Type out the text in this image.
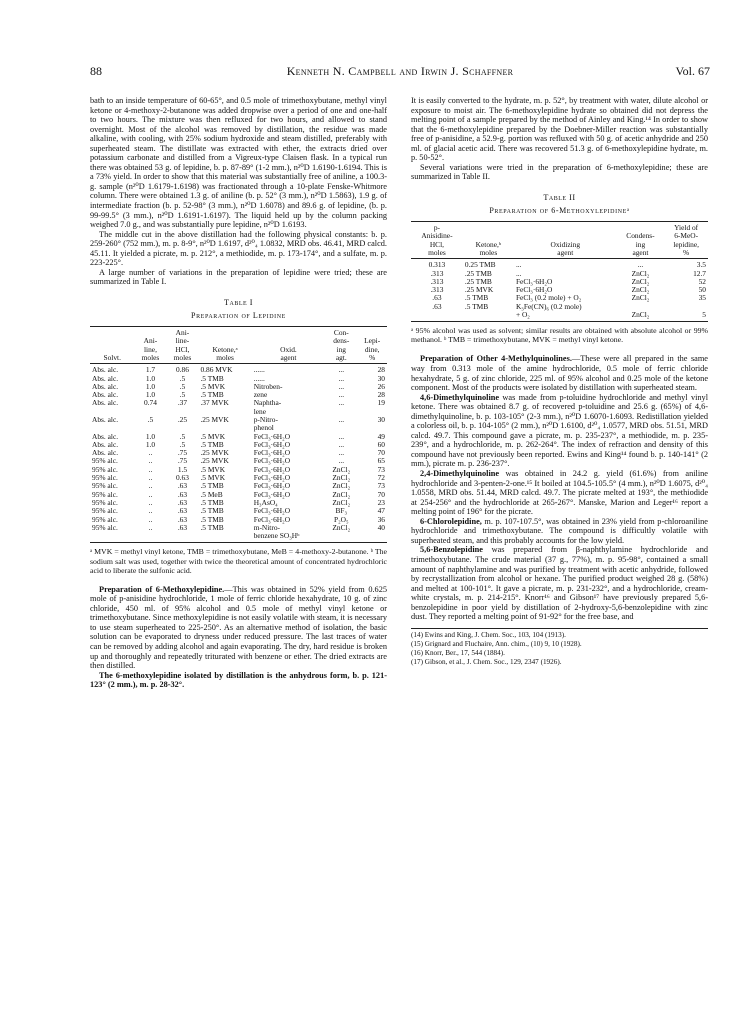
88	Kenneth N. Campbell and Irwin J. Schaffner	Vol. 67

bath to an inside temperature of 60-65°, and 0.5 mole of trimethoxybutane, methyl vinyl ketone or 4-methoxy-2-butanone was added dropwise over a period of one and one-half to two hours. The mixture was then refluxed for two hours, and allowed to stand overnight. Most of the alcohol was removed by distillation, the residue was made alkaline, with cooling, with 25% sodium hydroxide and steam distilled, preferably with superheated steam. The distillate was extracted with ether, the extracts dried over potassium carbonate and distilled from a Vigreux-type Claisen flask. In a typical run there was obtained 53 g. of lepidine, b. p. 87-89° (1-2 mm.), n²⁰D 1.6190-1.6194. This is a 73% yield. In order to show that this material was substantially free of aniline, a 100.3-g. sample (n²⁰D 1.6179-1.6198) was fractionated through a 10-plate Fenske-Whitmore column. There were obtained 1.3 g. of aniline (b. p. 52° (3 mm.), n²⁰D 1.5863), 1.9 g. of intermediate fraction (b. p. 52-98° (3 mm.), n²⁰D 1.6078) and 89.6 g. of lepidine, (b. p. 99-99.5° (3 mm.), n²⁰D 1.6191-1.6197). The liquid held up by the column packing weighed 7.0 g., and was substantially pure lepidine, n²⁰D 1.6193.

The middle cut in the above distillation had the following physical constants: b. p. 259-260° (752 mm.), m. p. 8-9°, n²⁰D 1.6197, d²⁰₄ 1.0832, MRD obs. 46.41, MRD calcd. 45.11. It yielded a picrate, m. p. 212°, a methiodide, m. p. 173-174°, and a sulfate, m. p. 223-225°.

A large number of variations in the preparation of lepidine were tried; these are summarized in Table I.

Table I
Preparation of Lepidine
Solvt.	Ani-
line,
moles	Ani-
line-
HCl,
moles	Ketone,ᵃ
moles	Oxid.
agent	Con-
dens-
ing
agt.	Lepi-
dine,
%
Abs. alc.	1.7	0.86	0.86 MVK	......	...	28
Abs. alc.	1.0	.5	.5 TMB	......	...	30
Abs. alc.	1.0	.5	.5 MVK	Nitroben-	...	26
Abs. alc.	1.0	.5	.5 TMB	zene	...	28
Abs. alc.	0.74	.37	.37 MVK	Naphtha-	...	19
				lene		
Abs. alc.	.5	.25	.25 MVK	p-Nitro-	...	30
				phenol		
Abs. alc.	1.0	.5	.5 MVK	FeCl₃·6H₂O	...	49
Abs. alc.	1.0	.5	.5 TMB	FeCl₃·6H₂O	...	60
Abs. alc.	..	.75	.25 MVK	FeCl₃·6H₂O	...	70
95% alc.	..	.75	.25 MVK	FeCl₃·6H₂O	...	65
95% alc.	..	1.5	.5 MVK	FeCl₃·6H₂O	ZnCl₂	73
95% alc.	..	0.63	.5 MVK	FeCl₃·6H₂O	ZnCl₂	72
95% alc.	..	.63	.5 TMB	FeCl₃·6H₂O	ZnCl₂	73
95% alc.	..	.63	.5 MeB	FeCl₃·6H₂O	ZnCl₂	70
95% alc.	..	.63	.5 TMB	H₃AsO₄	ZnCl₂	23
95% alc.	..	.63	.5 TMB	FeCl₃·6H₂O	BF₃	47
95% alc.	..	.63	.5 TMB	FeCl₃·6H₂O	P₂O₅	36
95% alc.	..	.63	.5 TMB	m-Nitro-	ZnCl₂	40
				benzene SO₃Hᵇ		
ᵃ MVK = methyl vinyl ketone, TMB = trimethoxybutane, MeB = 4-methoxy-2-butanone. ᵇ The sodium salt was used, together with twice the theoretical amount of concentrated hydrochloric acid to liberate the sulfonic acid.

Preparation of 6-Methoxylepidine.—This was obtained in 52% yield from 0.625 mole of p-anisidine hydrochloride, 1 mole of ferric chloride hexahydrate, 10 g. of zinc chloride, 450 ml. of 95% alcohol and 0.5 mole of methyl vinyl ketone or trimethoxybutane. Since methoxylepidine is not easily volatile with steam, it is necessary to use steam superheated to 225-250°. As an alternative method of isolation, the basic solution can be evaporated to dryness under reduced pressure. The last traces of water can be removed by adding alcohol and again evaporating. The dry, hard residue is broken up and thoroughly and repeatedly triturated with benzene or ether. The dried extracts are then distilled.

The 6-methoxylepidine isolated by distillation is the anhydrous form, b. p. 121-123° (2 mm.), m. p. 28-32°.

It is easily converted to the hydrate, m. p. 52°, by treatment with water, dilute alcohol or exposure to moist air. The 6-methoxylepidine hydrate so obtained did not depress the melting point of a sample prepared by the method of Ainley and King.¹⁴ In order to show that the 6-methoxylepidine prepared by the Doebner-Miller reaction was substantially free of p-anisidine, a 52.9-g. portion was refluxed with 50 g. of acetic anhydride and 250 ml. of glacial acetic acid. There was recovered 51.3 g. of 6-methoxylepidine hydrate, m. p. 50-52°.

Several variations were tried in the preparation of 6-methoxylepidine; these are summarized in Table II.

Table II
Preparation of 6-Methoxylepidineᵃ
p-
Anisidine-
HCl,
moles	Ketone,ᵇ
moles	Oxidizing
agent	Condens-
ing
agent	Yield of
6-MeO-
lepidine,
%
0.313	0.25 TMB	...	...	3.5
.313	.25 TMB	...	ZnCl₂	12.7
.313	.25 TMB	FeCl₃·6H₂O	ZnCl₂	52
.313	.25 MVK	FeCl₃·6H₂O	ZnCl₂	50
.63	.5 TMB	FeCl₃ (0.2 mole) + O₂	ZnCl₂	35
.63	.5 TMB	K₃Fe(CN)₆ (0.2 mole)		
		+ O₂	ZnCl₂	5
ᵃ 95% alcohol was used as solvent; similar results are obtained with absolute alcohol or 99% methanol. ᵇ TMB = trimethoxybutane, MVK = methyl vinyl ketone.

Preparation of Other 4-Methylquinolines.—These were all prepared in the same way from 0.313 mole of the amine hydrochloride, 0.5 mole of ferric chloride hexahydrate, 5 g. of zinc chloride, 225 ml. of 95% alcohol and 0.25 mole of the ketone component. Most of the products were isolated by distillation with superheated steam.

4,6-Dimethylquinoline was made from p-toluidine hydrochloride and methyl vinyl ketone. There was obtained 8.7 g. of recovered p-toluidine and 25.6 g. (65%) of 4,6-dimethylquinoline, b. p. 103-105° (2-3 mm.), n²⁰D 1.6070-1.6093. Redistillation yielded a colorless oil, b. p. 104-105° (2 mm.), n²⁰D 1.6100, d²⁰₄ 1.0577, MRD obs. 51.51, MRD calcd. 49.7. This compound gave a picrate, m. p. 235-237°, a methiodide, m. p. 235-239°, and a hydrochloride, m. p. 262-264°. The index of refraction and density of this compound have not previously been reported. Ewins and King¹⁴ found b. p. 140-141° (2 mm.), picrate m. p. 236-237°.

2,4-Dimethylquinoline was obtained in 24.2 g. yield (61.6%) from aniline hydrochloride and 3-penten-2-one.¹⁵ It boiled at 104.5-105.5° (4 mm.), n²⁰D 1.6075, d²⁰₄ 1.0558, MRD obs. 51.44, MRD calcd. 49.7. The picrate melted at 193°, the methiodide at 254-256° and the hydrochloride at 265-267°. Manske, Marion and Leger¹⁶ report a melting point of 196° for the picrate.

6-Chlorolepidine, m. p. 107-107.5°, was obtained in 23% yield from p-chloroaniline hydrochloride and trimethoxybutane. The compound is difficultly volatile with superheated steam, and this probably accounts for the low yield.

5,6-Benzolepidine was prepared from β-naphthylamine hydrochloride and trimethoxybutane. The crude material (37 g., 77%), m. p. 95-98°, contained a small amount of naphthylamine and was purified by treatment with acetic anhydride, followed by recrystallization from alcohol or hexane. The purified product weighed 28 g. (58%) and melted at 100-101°. It gave a picrate, m. p. 231-232°, and a hydrochloride, cream-white crystals, m. p. 214-215°. Knorr¹⁶ and Gibson¹⁷ have previously prepared 5,6-benzolepidine in poor yield by distillation of 2-hydroxy-5,6-benzolepidine with zinc dust. They reported a melting point of 91-92° for the free base, and

(14) Ewins and King, J. Chem. Soc., 103, 104 (1913).
(15) Grignard and Fluchaire, Ann. chim., (10) 9, 10 (1928).
(16) Knorr, Ber., 17, 544 (1884).
(17) Gibson, et al., J. Chem. Soc., 129, 2347 (1926).
